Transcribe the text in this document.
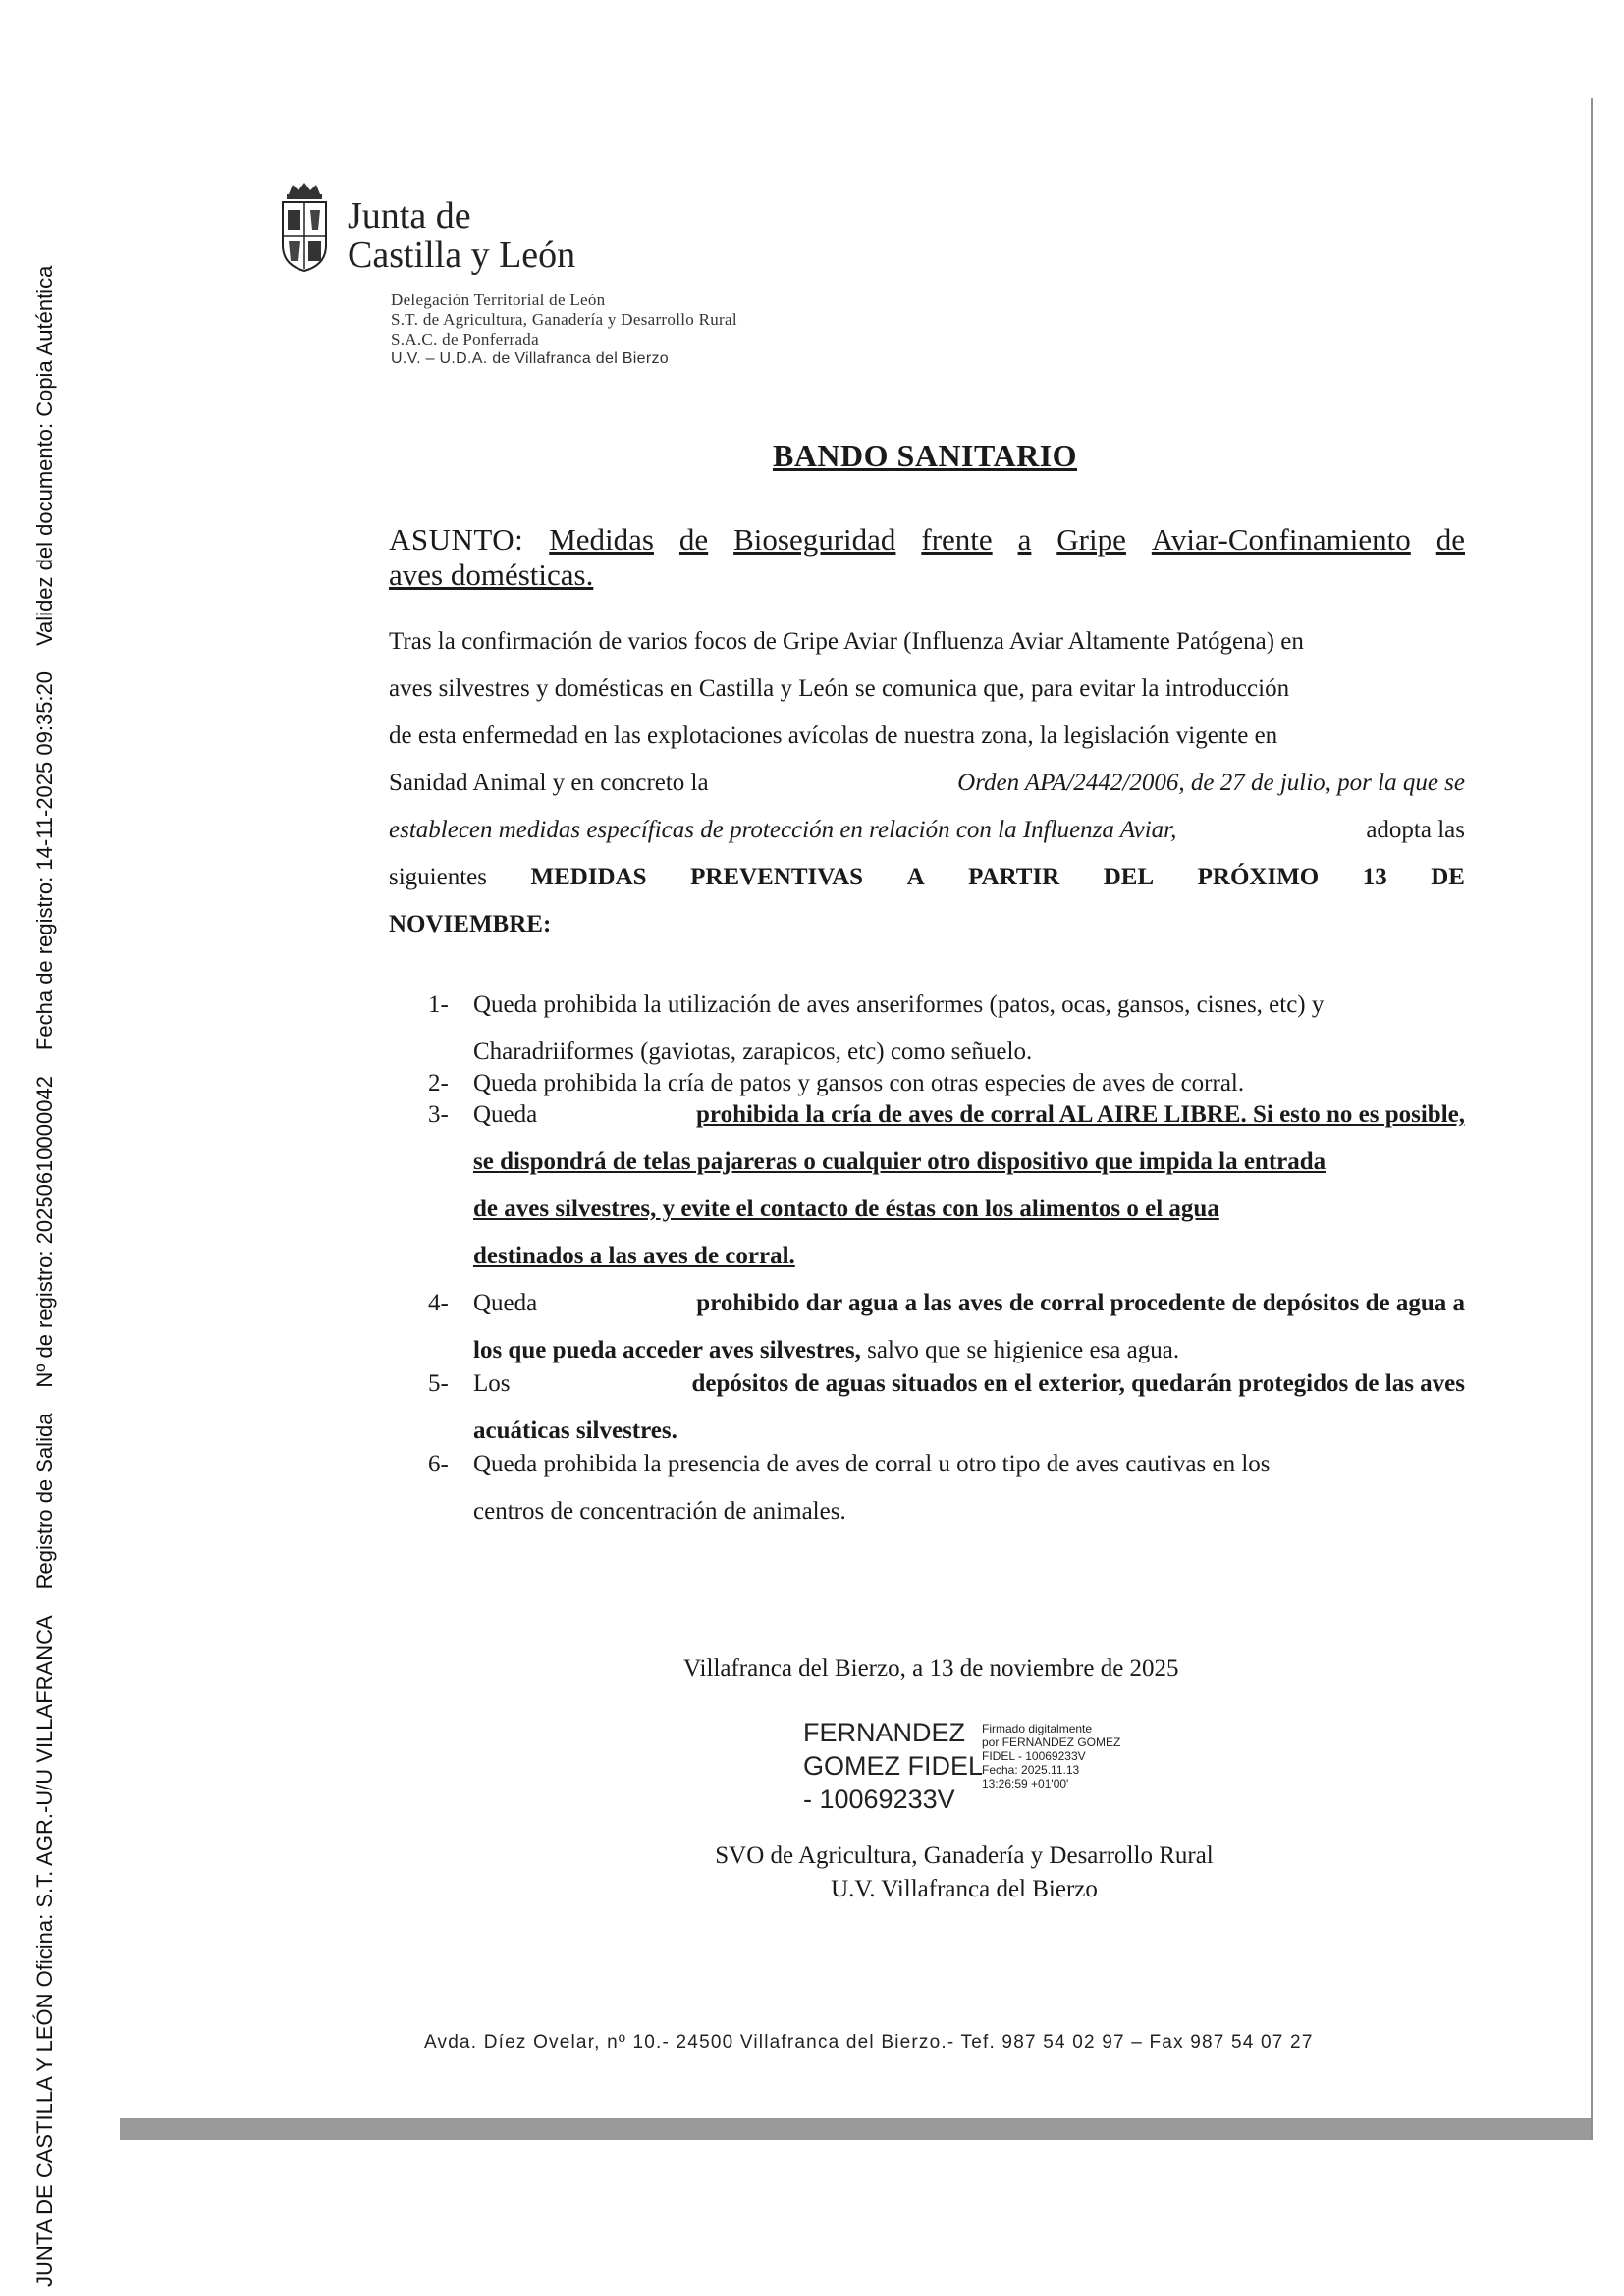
JUNTA DE CASTILLA Y LEÓN Oficina: S.T. AGR.-U/U VILLAFRANCA
Registro de Salida
Nº de registro: 20250610000042
Fecha de registro: 14-11-2025 09:35:20
Validez del documento: Copia Auténtica
Junta de
Castilla y León
Delegación Territorial de León
S.T. de Agricultura, Ganadería y Desarrollo Rural
S.A.C. de Ponferrada
U.V. – U.D.A. de Villafranca del Bierzo
BANDO SANITARIO
ASUNTO: Medidas de Bioseguridad frente a Gripe Aviar-Confinamiento de
aves domésticas.
Tras la confirmación de varios focos de Gripe Aviar (Influenza Aviar Altamente Patógena) en
aves silvestres y domésticas en Castilla y León se comunica que, para evitar la introducción
de esta enfermedad en las explotaciones avícolas de nuestra zona, la legislación vigente en
Sanidad Animal y en concreto la	Orden APA/2442/2006, de 27 de julio, por la que se
establecen medidas específicas de protección en relación con la Influenza Aviar,	adopta las
siguientes MEDIDAS PREVENTIVAS A PARTIR DEL PRÓXIMO 13 DE
NOVIEMBRE:
1-	Queda prohibida la utilización de aves anseriformes (patos, ocas, gansos, cisnes, etc) y
Charadriiformes (gaviotas, zarapicos, etc) como señuelo.
2-	Queda prohibida la cría de patos y gansos con otras especies de aves de corral.
3-	Queda	prohibida la cría de aves de corral AL AIRE LIBRE. Si esto no es posible,
se dispondrá de telas pajareras o cualquier otro dispositivo que impida la entrada
de aves silvestres, y evite el contacto de éstas con los alimentos o el agua
destinados a las aves de corral.
4-	Queda	prohibido dar agua a las aves de corral procedente de depósitos de agua a
los que pueda acceder aves silvestres,
salvo que se higienice esa agua.
5-	Los	depósitos de aguas situados en el exterior, quedarán protegidos de las aves
acuáticas silvestres.
6-	Queda prohibida la presencia de aves de corral u otro tipo de aves cautivas en los
centros de concentración de animales.
Villafranca del Bierzo, a 13 de noviembre de 2025
FERNANDEZ
GOMEZ FIDEL
- 10069233V
Firmado digitalmente
por FERNANDEZ GOMEZ
FIDEL - 10069233V
Fecha: 2025.11.13
13:26:59 +01'00'
SVO de Agricultura, Ganadería y Desarrollo Rural
U.V. Villafranca del Bierzo
Avda. Díez Ovelar, nº 10.- 24500 Villafranca del Bierzo.- Tef. 987 54 02 97 – Fax 987 54 07 27
